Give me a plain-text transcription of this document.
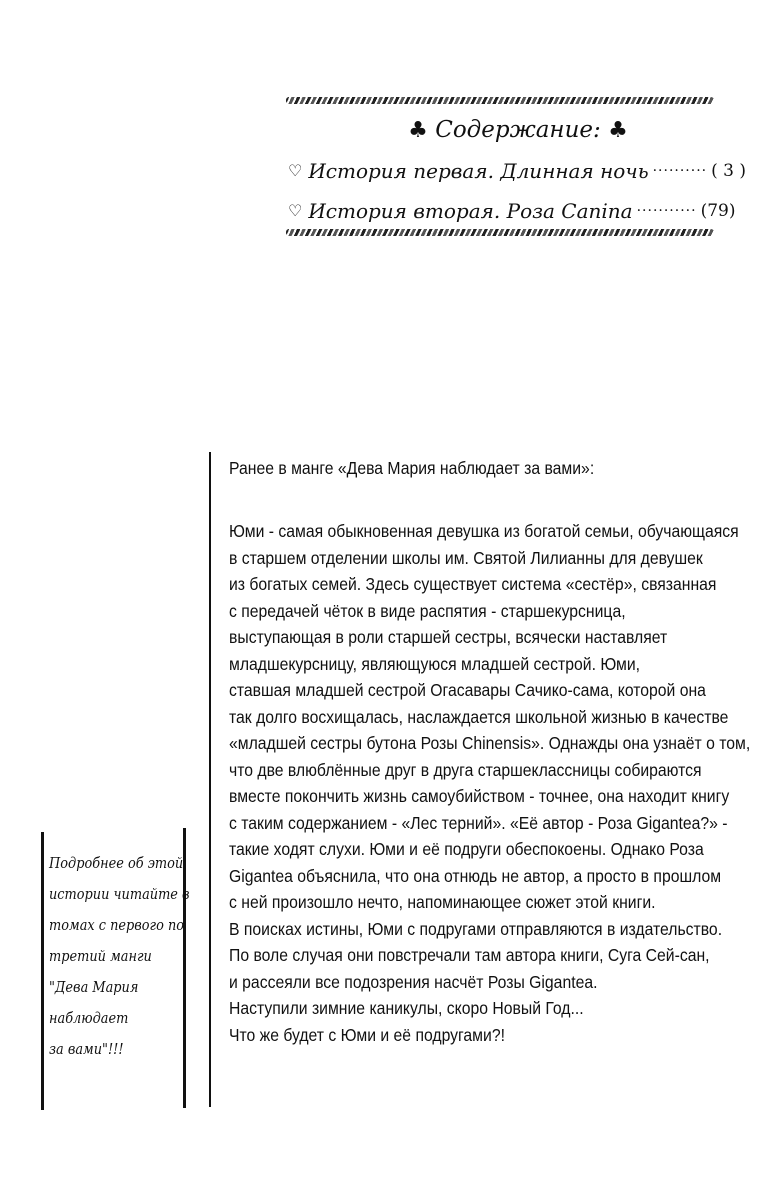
♣ Содержание: ♣
♡ История первая. Длинная ночь ·········· ( 3 )
♡ История вторая. Роза Canina ··········· (79)

Ранее в манге «Дева Мария наблюдает за вами»:

Юми - самая обыкновенная девушка из богатой семьи, обучающаяся
в старшем отделении школы им. Святой Лилианны для девушек
из богатых семей. Здесь существует система «сестёр», связанная
с передачей чёток в виде распятия - старшекурсница,
выступающая в роли старшей сестры, всячески наставляет
младшекурсницу, являющуюся младшей сестрой. Юми,
ставшая младшей сестрой Огасавары Сачико-сама, которой она
так долго восхищалась, наслаждается школьной жизнью в качестве
«младшей сестры бутона Розы Chinensis». Однажды она узнаёт о том,
что две влюблённые друг в друга старшеклассницы собираются
вместе покончить жизнь самоубийством - точнее, она находит книгу
с таким содержанием - «Лес терний». «Её автор - Роза Gigantea?» -
такие ходят слухи. Юми и её подруги обеспокоены. Однако Роза
Gigantea объяснила, что она отнюдь не автор, а просто в прошлом
с ней произошло нечто, напоминающее сюжет этой книги.
В поисках истины, Юми с подругами отправляются в издательство.
По воле случая они повстречали там автора книги, Суга Сей-сан,
и рассеяли все подозрения насчёт Розы Gigantea.
Наступили зимние каникулы, скоро Новый Год...
Что же будет с Юми и её подругами?!
Подробнее об этой
истории читайте в
томах с первого по
третий манги
"Дева Мария
наблюдает
за вами"!!!
